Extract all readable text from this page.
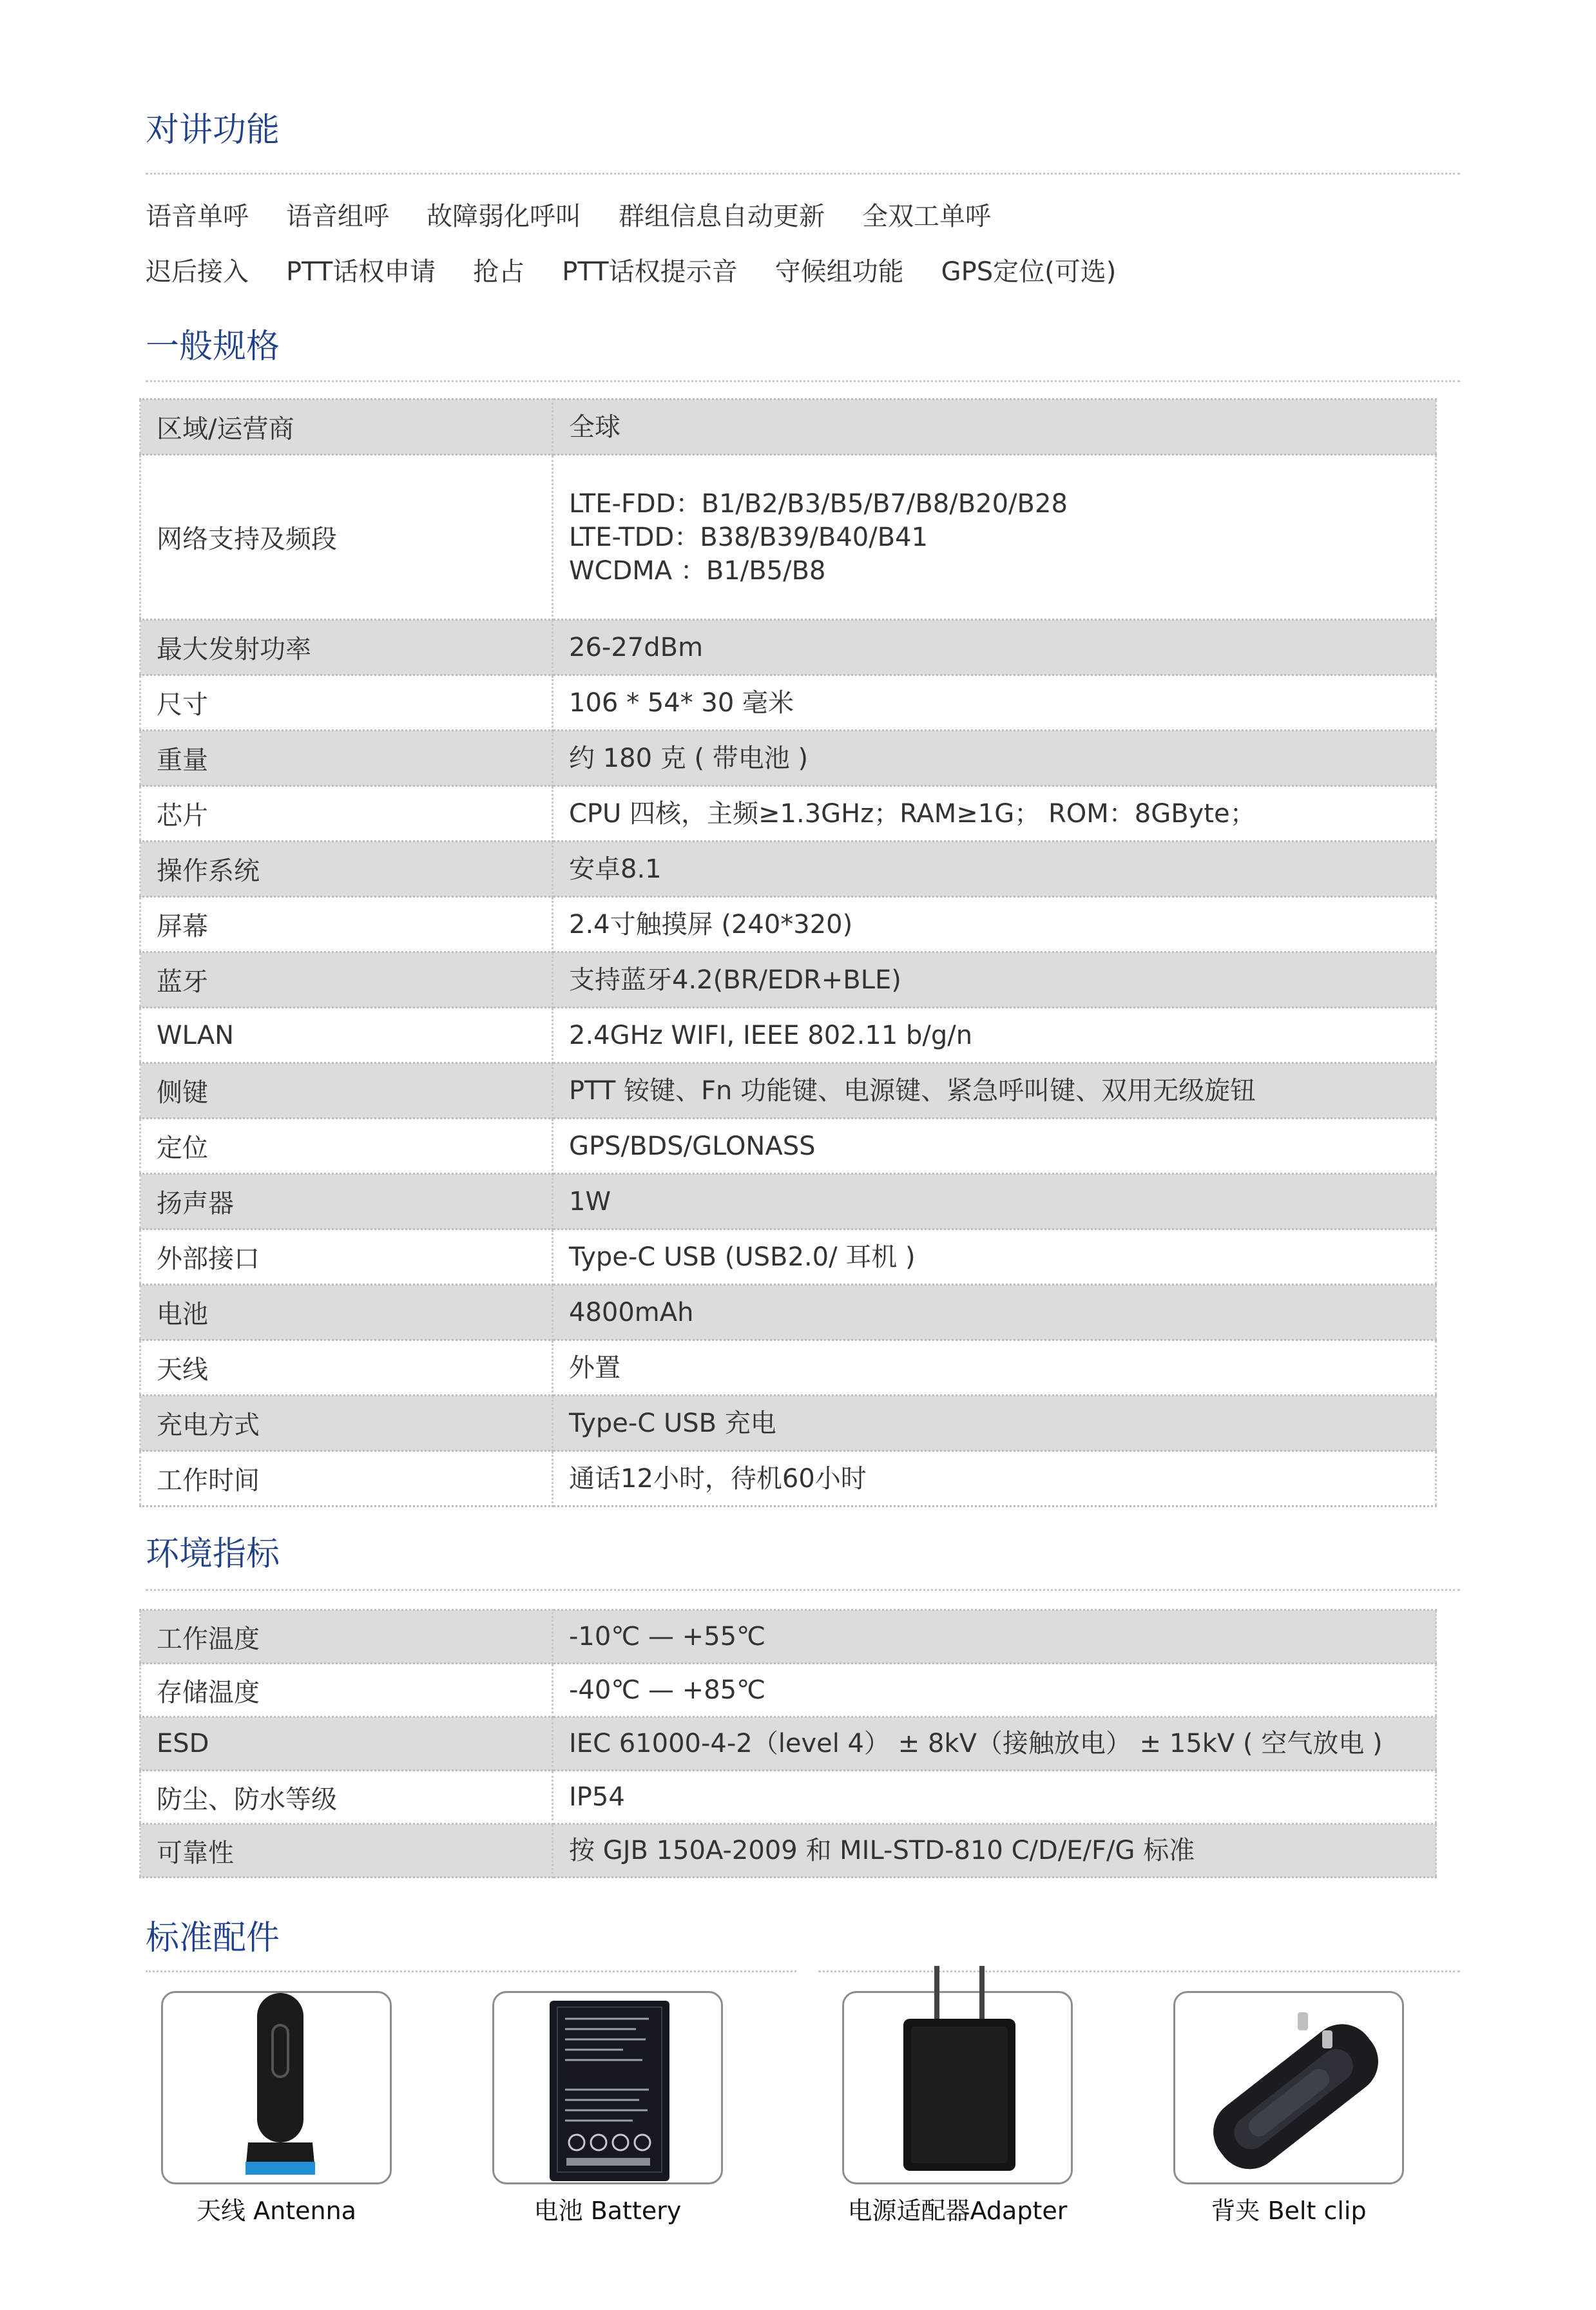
对讲功能
语音单呼 语音组呼 故障弱化呼叫 群组信息自动更新 全双工单呼
迟后接入 PTT话权申请 抢占 PTT话权提示音 守候组功能 GPS定位(可选)
一般规格
区域/运营商	全球

网络支持及频段	LTE-FDD：B1/B2/B3/B5/B7/B8/B20/B28
LTE-TDD：B38/B39/B40/B41
WCDMA ：B1/B5/B8

最大发射功率	26-27dBm

尺寸	106 * 54* 30 毫米

重量	约 180 克 ( 带电池 )

芯片	CPU 四核，主频≥1.3GHz；RAM≥1G； ROM：8GByte；

操作系统	安卓8.1

屏幕	2.4寸触摸屏 (240*320)

蓝牙	支持蓝牙4.2(BR/EDR+BLE)

WLAN	2.4GHz WIFI, IEEE 802.11 b/g/n

侧键	PTT 铵键、Fn 功能键、电源键、紧急呼叫键、双用无级旋钮

定位	GPS/BDS/GLONASS

扬声器	1W

外部接口	Type-C USB (USB2.0/ 耳机 )

电池	4800mAh

天线	外置

充电方式	Type-C USB 充电

工作时间	通话12小时，待机60小时
环境指标
工作温度	-10℃ — +55℃

存储温度	-40℃ — +85℃

ESD	IEC 61000-4-2（level 4） ± 8kV（接触放电） ± 15kV ( 空气放电 )

防尘、防水等级	IP54

可靠性	按 GJB 150A-2009 和 MIL-STD-810 C/D/E/F/G 标准
标准配件
天线 Antenna	电池 Battery	电源适配器Adapter	背夹 Belt clip
